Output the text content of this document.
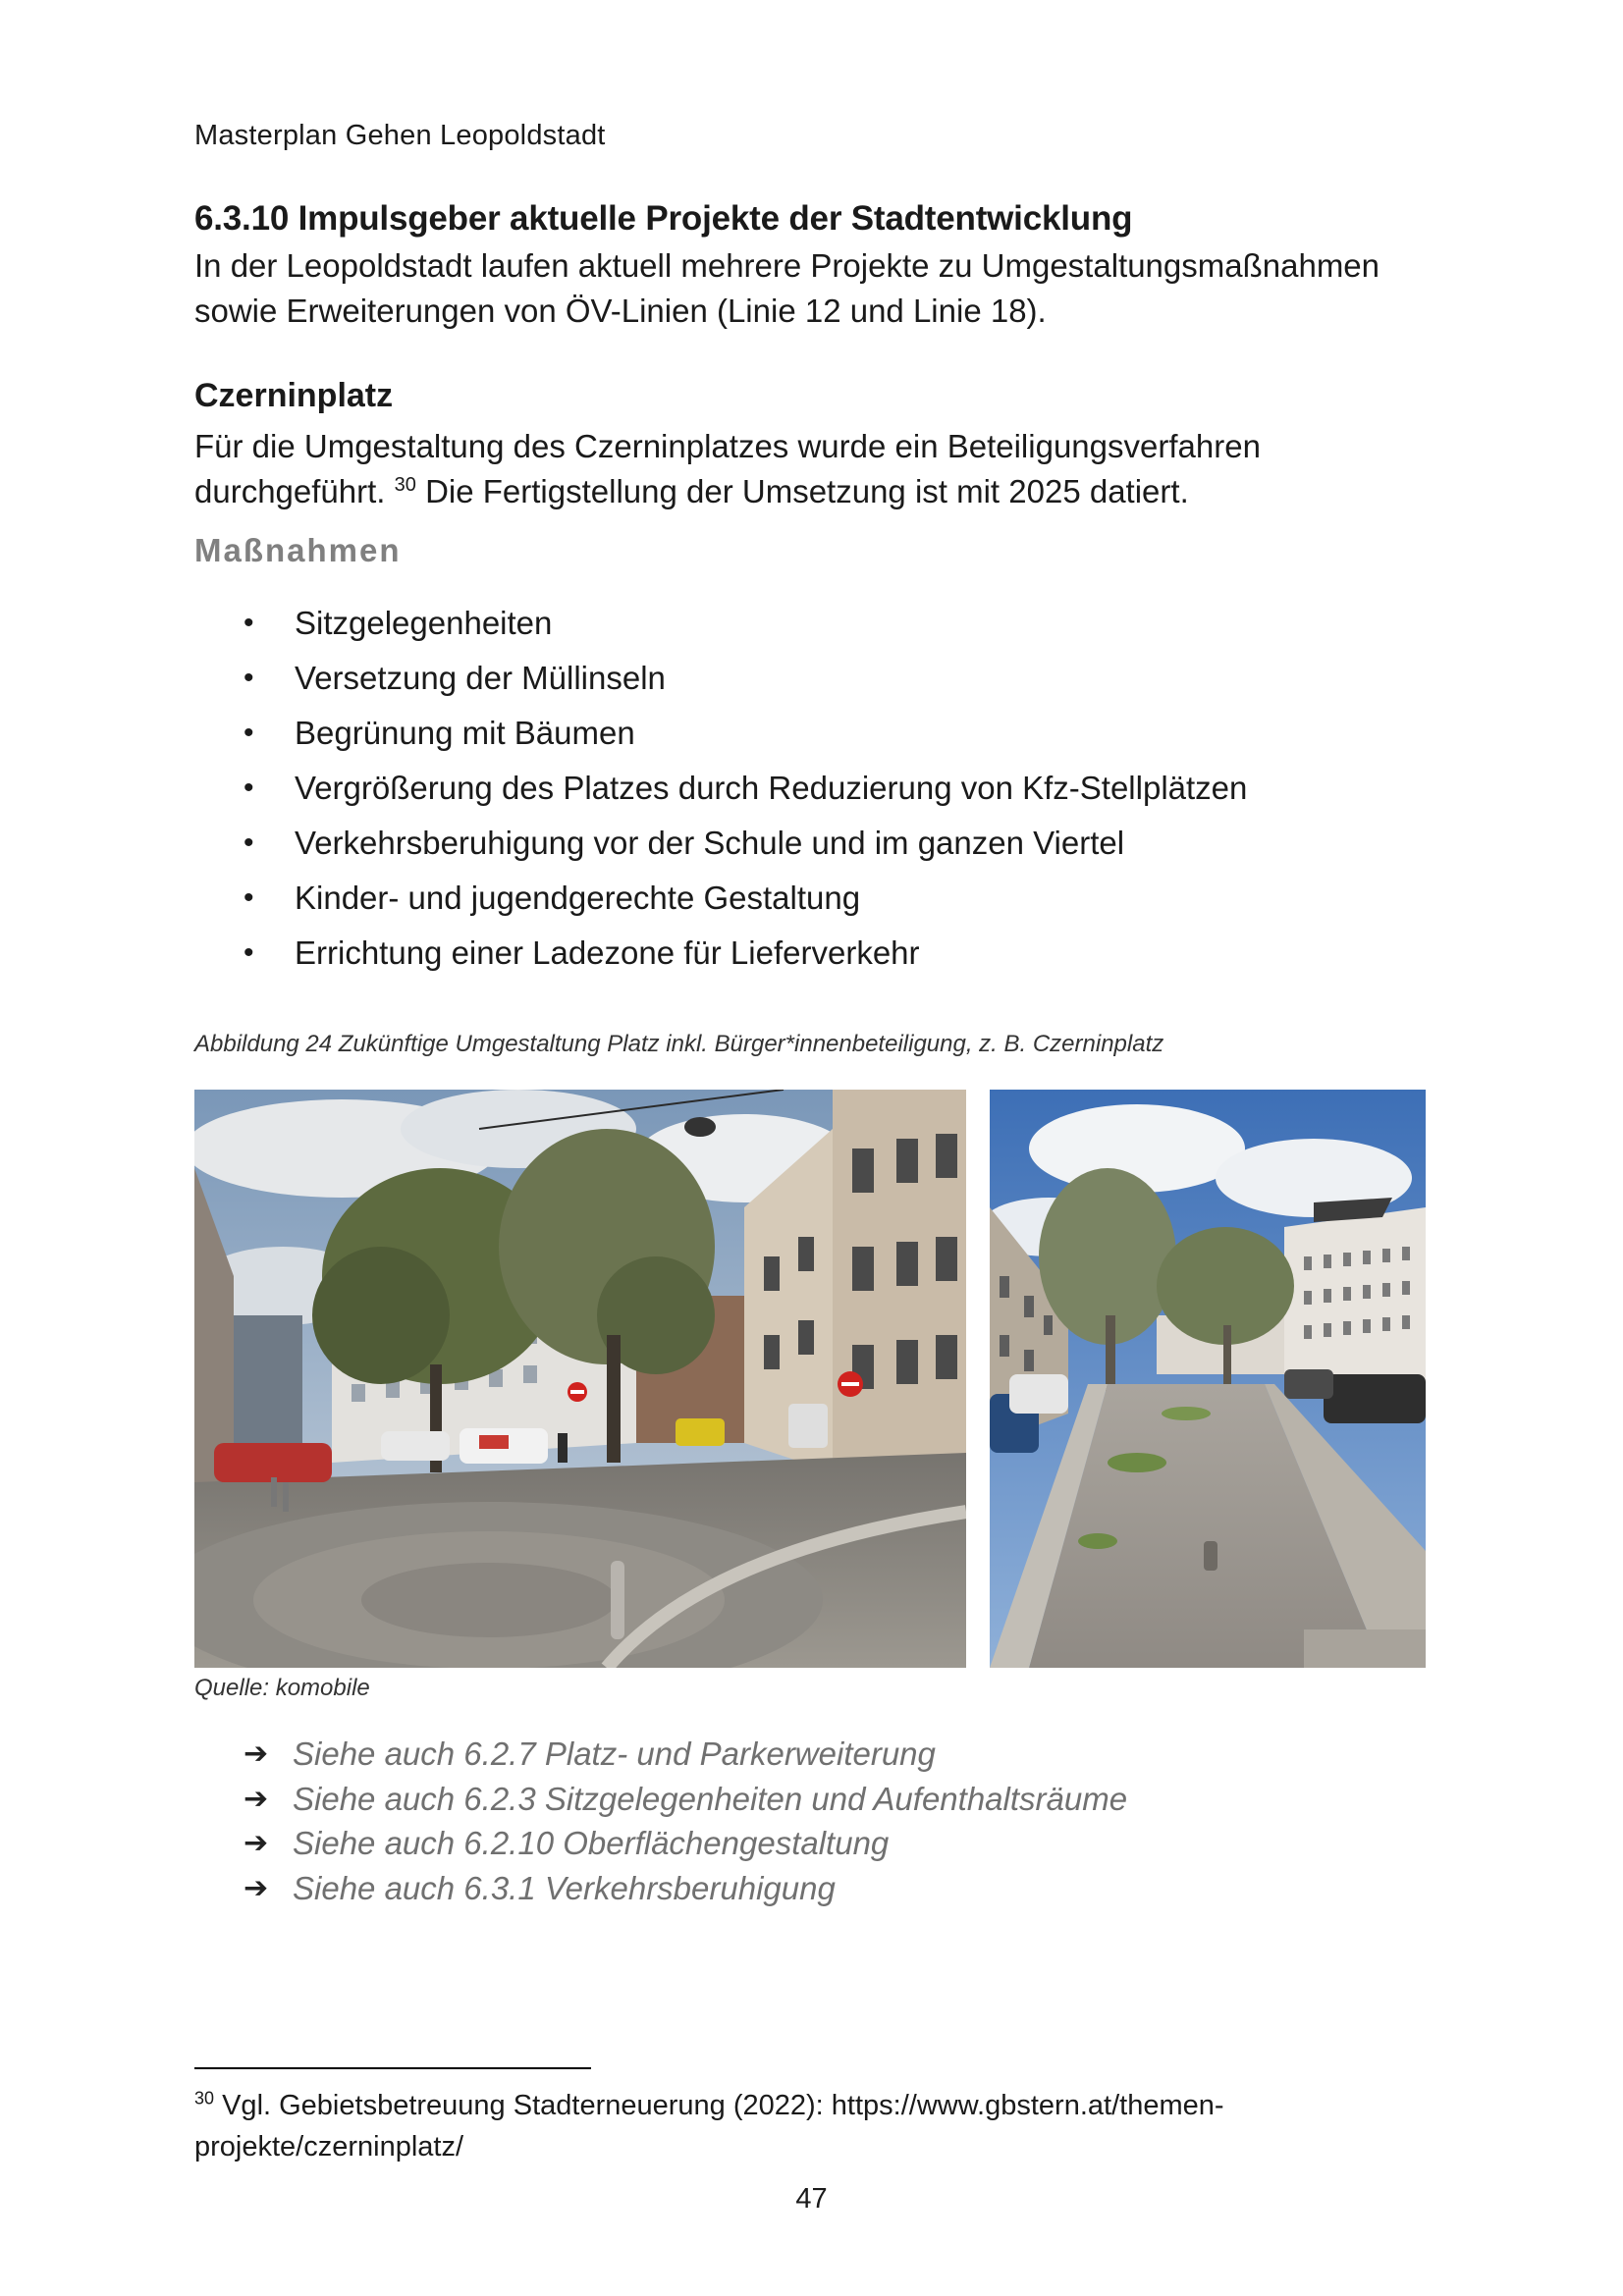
Masterplan Gehen Leopoldstadt
6.3.10 Impulsgeber aktuelle Projekte der Stadtentwicklung
In der Leopoldstadt laufen aktuell mehrere Projekte zu Umgestaltungsmaßnahmen
sowie Erweiterungen von ÖV-Linien (Linie 12 und Linie 18).
Czerninplatz
Für die Umgestaltung des Czerninplatzes wurde ein Beteiligungsverfahren
durchgeführt. $^{30}$ Die Fertigstellung der Umsetzung ist mit 2025 datiert.
Maßnahmen
• Sitzgelegenheiten
• Versetzung der Müllinseln
• Begrünung mit Bäumen
• Vergrößerung des Platzes durch Reduzierung von Kfz-Stellplätzen
• Verkehrsberuhigung vor der Schule und im ganzen Viertel
• Kinder- und jugendgerechte Gestaltung
• Errichtung einer Ladezone für Lieferverkehr
Abbildung 24 Zukünftige Umgestaltung Platz inkl. Bürger*innenbeteiligung, z. B. Czerninplatz
Quelle: komobile
➔ Siehe auch 6.2.7 Platz- und Parkerweiterung
➔ Siehe auch 6.2.3 Sitzgelegenheiten und Aufenthaltsräume
➔ Siehe auch 6.2.10 Oberflächengestaltung
➔ Siehe auch 6.3.1 Verkehrsberuhigung
$^{30}$ Vgl. Gebietsbetreuung Stadterneuerung (2022): https://www.gbstern.at/themen-
projekte/czerninplatz/
47
